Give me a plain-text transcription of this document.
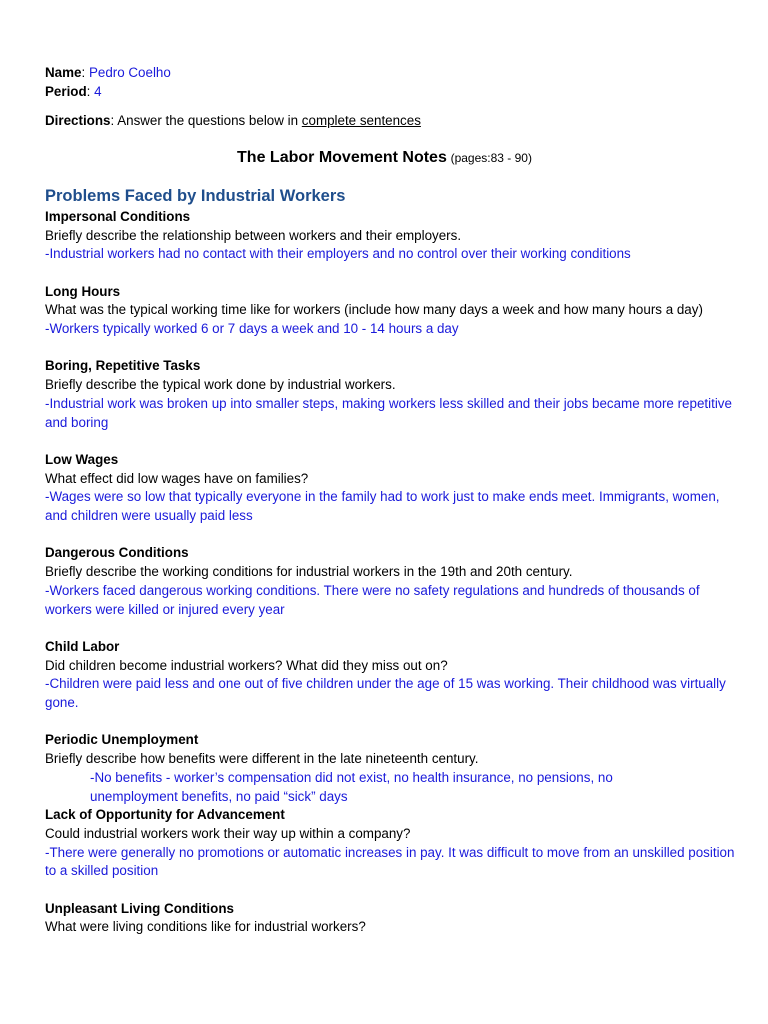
Name: Pedro Coelho
Period: 4
Directions: Answer the questions below in complete sentences
The Labor Movement Notes (pages:83 - 90)
Problems Faced by Industrial Workers
Impersonal Conditions

Briefly describe the relationship between workers and their employers.

-Industrial workers had no contact with their employers and no control over their working conditions

Long Hours

What was the typical working time like for workers (include how many days a week and how many hours a day)

-Workers typically worked 6 or 7 days a week and 10 - 14 hours a day

Boring, Repetitive Tasks

Briefly describe the typical work done by industrial workers.

-Industrial work was broken up into smaller steps, making workers less skilled and their jobs became more repetitive and boring

Low Wages

What effect did low wages have on families?

-Wages were so low that typically everyone in the family had to work just to make ends meet. Immigrants, women, and children were usually paid less

Dangerous Conditions

Briefly describe the working conditions for industrial workers in the 19th and 20th century.

-Workers faced dangerous working conditions. There were no safety regulations and hundreds of thousands of workers were killed or injured every year

Child Labor

Did children become industrial workers? What did they miss out on?

-Children were paid less and one out of five children under the age of 15 was working. Their childhood was virtually gone.

Periodic Unemployment

Briefly describe how benefits were different in the late nineteenth century.

-No benefits - worker’s compensation did not exist, no health insurance, no pensions, no unemployment benefits, no paid “sick” days

Lack of Opportunity for Advancement

Could industrial workers work their way up within a company?

-There were generally no promotions or automatic increases in pay. It was difficult to move from an unskilled position to a skilled position

Unpleasant Living Conditions

What were living conditions like for industrial workers?
